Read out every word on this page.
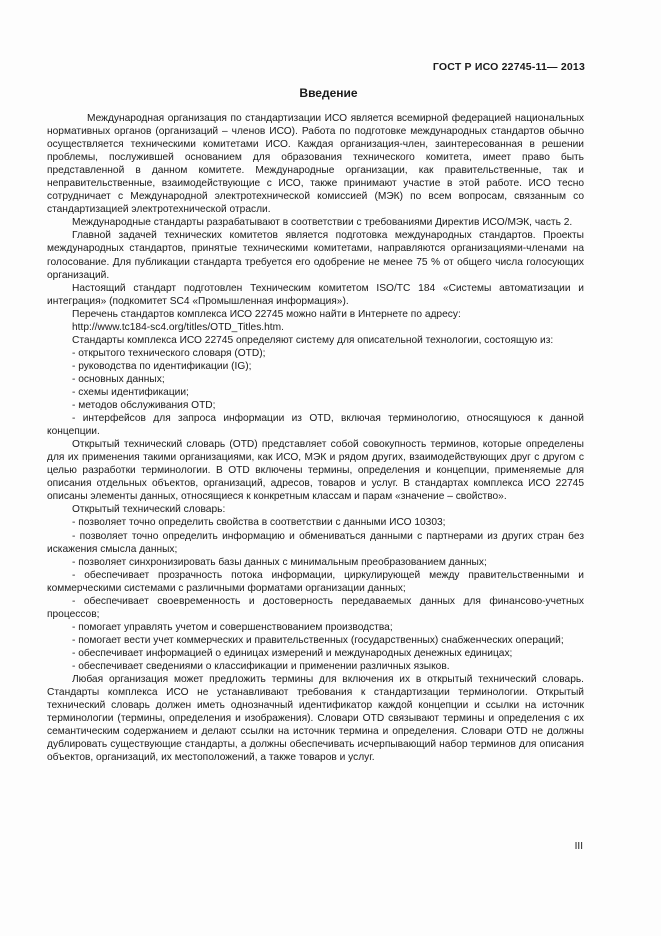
ГОСТ Р ИСО 22745-11— 2013
Введение

Международная организация по стандартизации ИСО является всемирной федерацией национальных нормативных органов (организаций – членов ИСО). Работа по подготовке международных стандартов обычно осуществляется техническими комитетами ИСО. Каждая организация-член, заинтересованная в решении проблемы, послужившей основанием для образования технического комитета, имеет право быть представленной в данном комитете. Международные организации, как правительственные, так и неправительственные, взаимодействующие с ИСО, также принимают участие в этой работе. ИСО тесно сотрудничает с Международной электротехнической комиссией (МЭК) по всем вопросам, связанным со стандартизацией электротехнической отрасли.

Международные стандарты разрабатывают в соответствии с требованиями Директив ИСО/МЭК, часть 2.

Главной задачей технических комитетов является подготовка международных стандартов. Проекты международных стандартов, принятые техническими комитетами, направляются организациями-членами на голосование. Для публикации стандарта требуется его одобрение не менее 75 % от общего числа голосующих организаций.

Настоящий стандарт подготовлен Техническим комитетом ISO/TC 184 «Системы автоматизации и интеграция» (подкомитет SC4 «Промышленная информация»).

Перечень стандартов комплекса ИСО 22745 можно найти в Интернете по адресу:

http://www.tc184-sc4.org/titles/OTD_Titles.htm.

Стандарты комплекса ИСО 22745 определяют систему для описательной технологии, состоящую из:

- открытого технического словаря (OTD);

- руководства по идентификации (IG);

- основных данных;

- схемы идентификации;

- методов обслуживания OTD;

- интерфейсов для запроса информации из OTD, включая терминологию, относящуюся к данной концепции.

Открытый технический словарь (OTD) представляет собой совокупность терминов, которые определены для их применения такими организациями, как ИСО, МЭК и рядом других, взаимодействующих друг с другом с целью разработки терминологии. В OTD включены термины, определения и концепции, применяемые для описания отдельных объектов, организаций, адресов, товаров и услуг. В стандартах комплекса ИСО 22745 описаны элементы данных, относящиеся к конкретным классам и парам «значение – свойство».

Открытый технический словарь:

- позволяет точно определить свойства в соответствии с данными ИСО 10303;

- позволяет точно определить информацию и обмениваться данными с партнерами из других стран без искажения смысла данных;

- позволяет синхронизировать базы данных с минимальным преобразованием данных;

- обеспечивает прозрачность потока информации, циркулирующей между правительственными и коммерческими системами с различными форматами организации данных;

- обеспечивает своевременность и достоверность передаваемых данных для финансово-учетных процессов;

- помогает управлять учетом и совершенствованием производства;

- помогает вести учет коммерческих и правительственных (государственных) снабженческих операций;

- обеспечивает информацией о единицах измерений и международных денежных единицах;

- обеспечивает сведениями о классификации и применении различных языков.

Любая организация может предложить термины для включения их в открытый технический словарь. Стандарты комплекса ИСО не устанавливают требования к стандартизации терминологии. Открытый технический словарь должен иметь однозначный идентификатор каждой концепции и ссылки на источник терминологии (термины, определения и изображения). Словари OTD связывают термины и определения с их семантическим содержанием и делают ссылки на источник термина и определения. Словари OTD не должны дублировать существующие стандарты, а должны обеспечивать исчерпывающий набор терминов для описания объектов, организаций, их местоположений, а также товаров и услуг.

III
